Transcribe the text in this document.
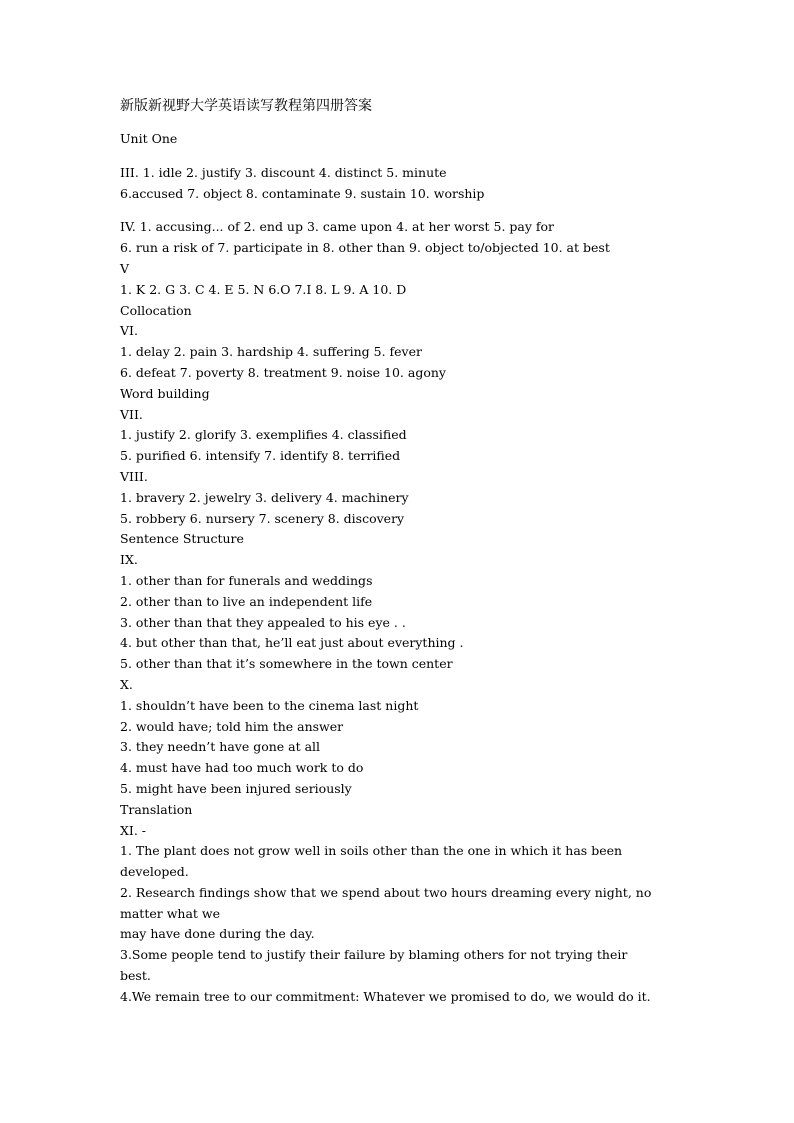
新版新视野大学英语读写教程第四册答案

Unit One

III. 1. idle 2. justify 3. discount 4. distinct 5. minute

6.accused 7. object 8. contaminate 9. sustain 10. worship

IV. 1. accusing... of 2. end up 3. came upon 4. at her worst 5. pay for

6. run a risk of 7. participate in 8. other than 9. object to/objected 10. at best

V

1. K 2. G 3. C 4. E 5. N 6.O 7.I 8. L 9. A 10. D

Collocation

VI.

1. delay 2. pain 3. hardship 4. suffering 5. fever

6. defeat 7. poverty 8. treatment 9. noise 10. agony

Word building

VII.

1. justify 2. glorify 3. exemplifies 4. classified

5. purified 6. intensify 7. identify 8. terrified

VIII.

1. bravery 2. jewelry 3. delivery 4. machinery

5. robbery 6. nursery 7. scenery 8. discovery

Sentence Structure

IX.

1. other than for funerals and weddings

2. other than to live an independent life

3. other than that they appealed to his eye . .

4. but other than that, he’ll eat just about everything .

5. other than that it’s somewhere in the town center

X.

1. shouldn’t have been to the cinema last night

2. would have; told him the answer

3. they needn’t have gone at all

4. must have had too much work to do

5. might have been injured seriously

Translation

XI. -

1. The plant does not grow well in soils other than the one in which it has been

developed.

2. Research findings show that we spend about two hours dreaming every night, no

matter what we

may have done during the day.

3.Some people tend to justify their failure by blaming others for not trying their

best.

4.We remain tree to our commitment: Whatever we promised to do, we would do it.
